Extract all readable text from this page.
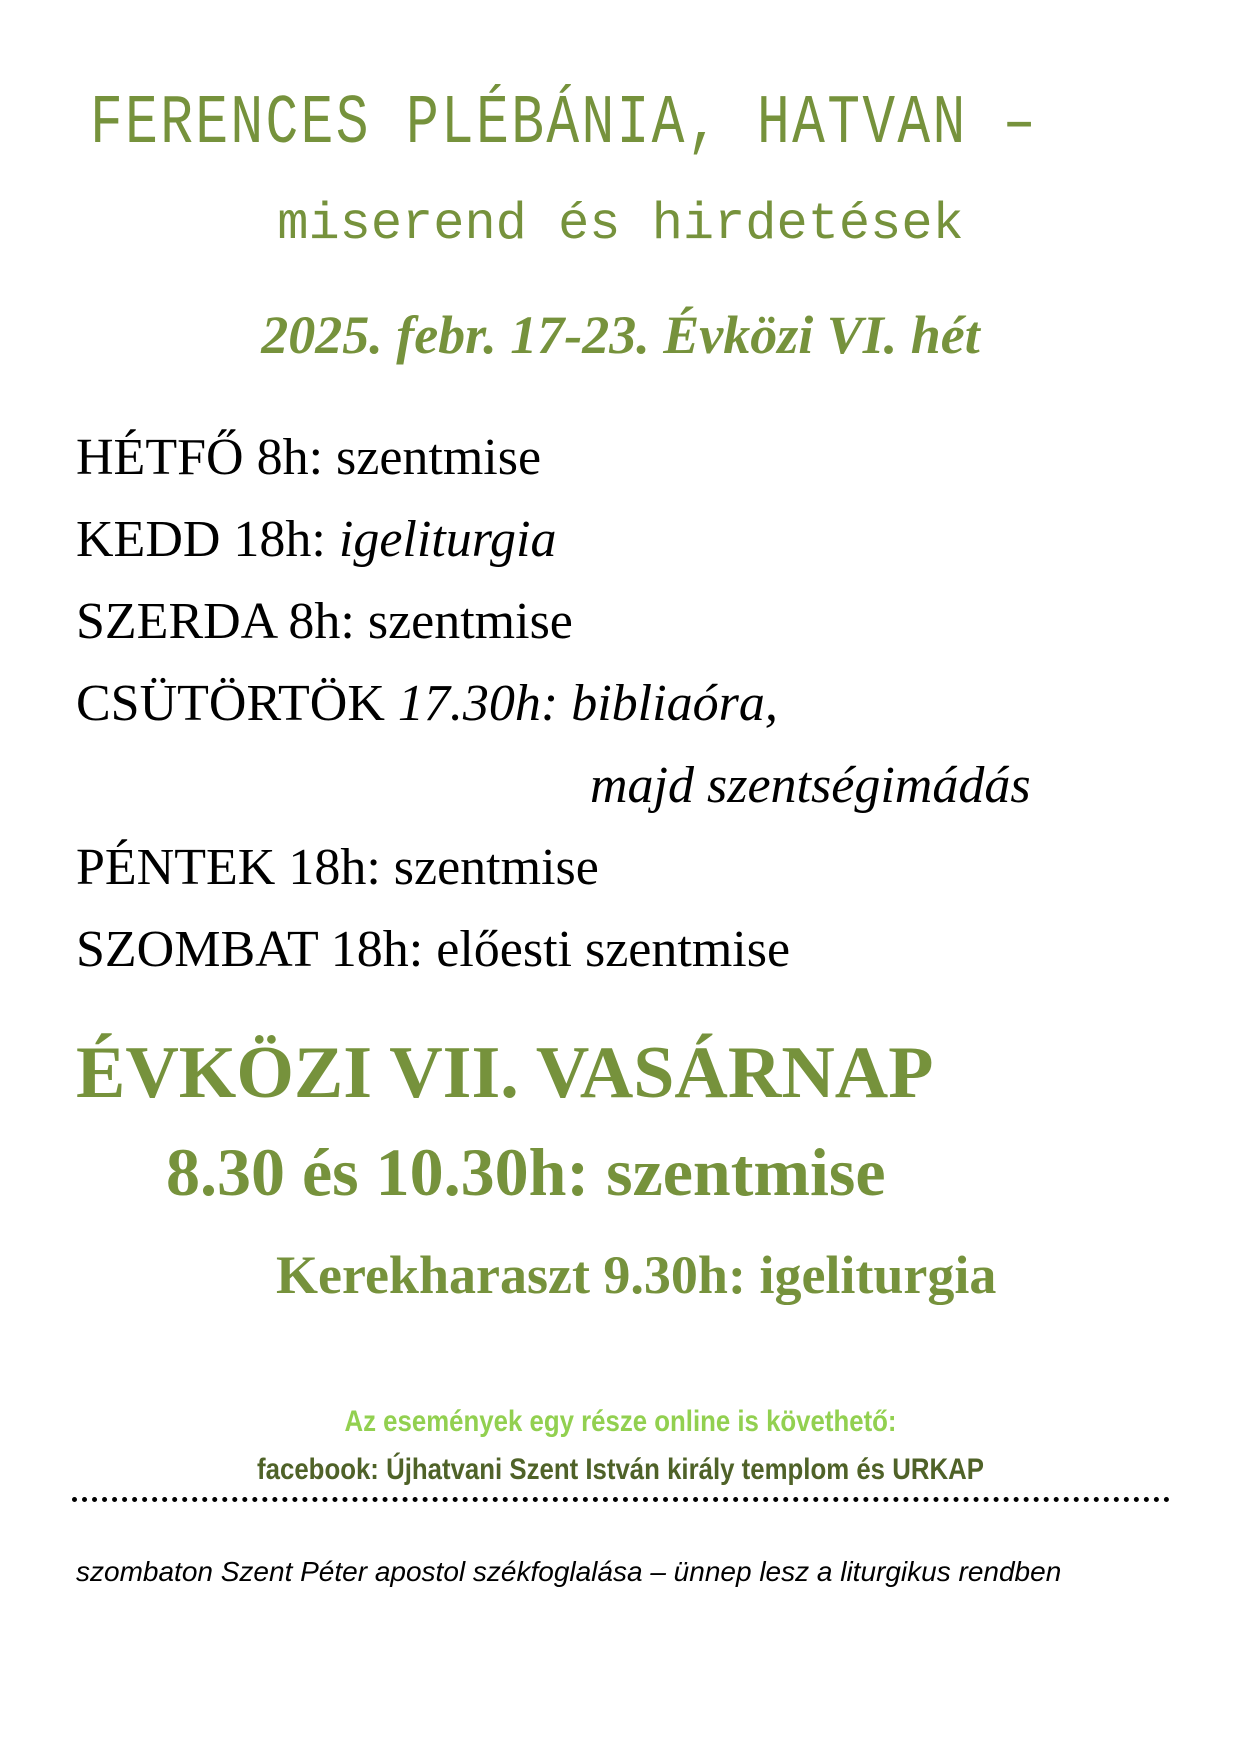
FERENCES PLÉBÁNIA, HATVAN –
miserend és hirdetések
2025. febr. 17-23. Évközi VI. hét
HÉTFŐ 8h: szentmise
KEDD 18h: igeliturgia
SZERDA 8h: szentmise
CSÜTÖRTÖK 17.30h: bibliaóra,
majd szentségimádás
PÉNTEK 18h: szentmise
SZOMBAT 18h: előesti szentmise
ÉVKÖZI VII. VASÁRNAP
8.30 és 10.30h: szentmise
Kerekharaszt 9.30h: igeliturgia
Az események egy része online is követhető:
facebook: Újhatvani Szent István király templom és URKAP
szombaton Szent Péter apostol székfoglalása – ünnep lesz a liturgikus rendben
